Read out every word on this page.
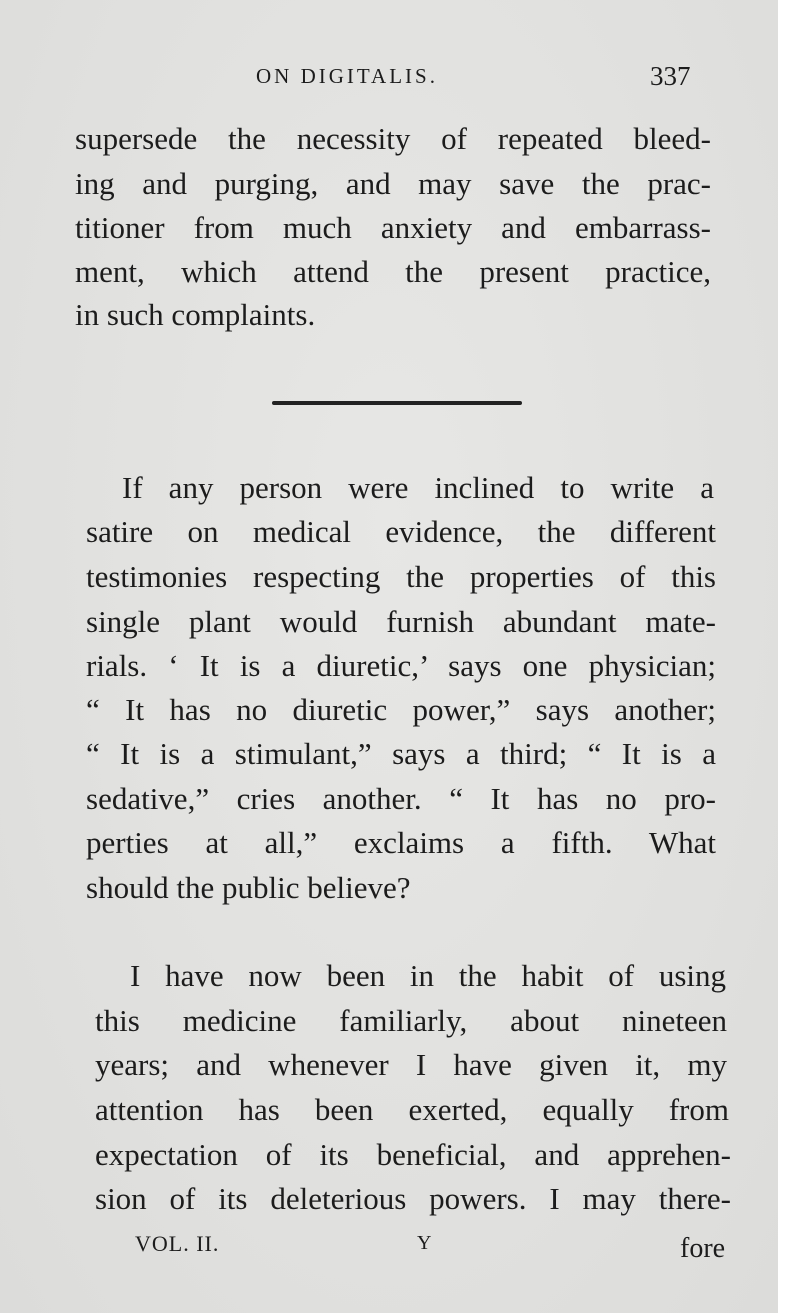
ON DIGITALIS.	337
supersede the necessity of repeated bleed-
ing and purging, and may save the prac-
titioner from much anxiety and embarrass-
ment, which attend the present practice,
in such complaints.
If any person were inclined to write a
satire on medical evidence, the different
testimonies respecting the properties of this
single plant would furnish abundant mate-
rials. ‘ It is a diuretic,’ says one physician;
“ It has no diuretic power,” says another;
“ It is a stimulant,” says a third; “ It is a
sedative,” cries another. “ It has no pro-
perties at all,” exclaims a fifth. What
should the public believe?
I have now been in the habit of using
this medicine familiarly, about nineteen
years; and whenever I have given it, my
attention has been exerted, equally from
expectation of its beneficial, and apprehen-
sion of its deleterious powers. I may there-
VOL. II.	Y	fore
